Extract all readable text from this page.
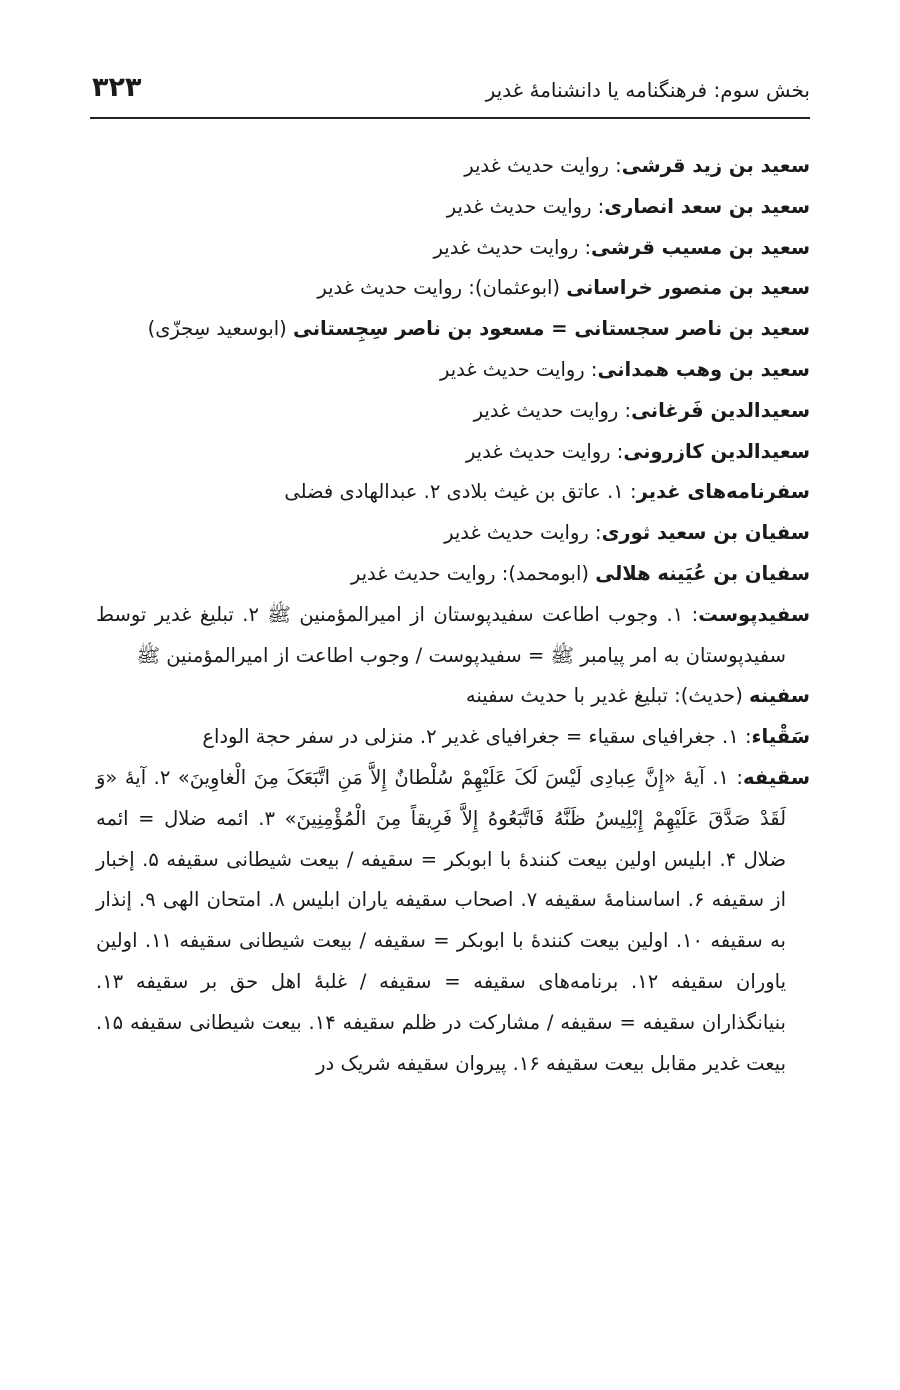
بخش سوم: فرهنگنامه یا دانشنامهٔ غدیر
۳۲۳

سعید بن زید قرشی: روایت حدیث غدیر

سعید بن سعد انصاری: روایت حدیث غدیر

سعید بن مسیب قرشی: روایت حدیث غدیر

سعید بن منصور خراسانی (ابوعثمان): روایت حدیث غدیر

سعید بن ناصر سجستانی = مسعود بن ناصر سِجِستانی (ابوسعید سِجزّی)

سعید بن وهب همدانی: روایت حدیث غدیر

سعیدالدین فَرغانی: روایت حدیث غدیر

سعیدالدین کازرونی: روایت حدیث غدیر

سفرنامه‌های غدیر: ۱. عاتق بن غیث بلادی ۲. عبدالهادی فضلی

سفیان بن سعید ثوری: روایت حدیث غدیر

سفیان بن عُیَینه هلالی (ابومحمد): روایت حدیث غدیر

سفیدپوست: ۱. وجوب اطاعت سفیدپوستان از امیرالمؤمنین ﷺ ۲. تبلیغ غدیر توسط سفیدپوستان به امر پیامبر ﷺ = سفیدپوست / وجوب اطاعت از امیرالمؤمنین ﷺ

سفینه (حدیث): تبلیغ غدیر با حدیث سفینه

سَقْیاء: ۱. جغرافیای سقیاء = جغرافیای غدیر ۲. منزلی در سفر حجة الوداع

سقیفه: ۱. آیهٔ «إِنَّ عِبادِی لَیْسَ لَکَ عَلَیْهِمْ سُلْطانٌ إِلاَّ مَنِ اتَّبَعَکَ مِنَ الْغاوِینَ» ۲. آیهٔ «وَ لَقَدْ صَدَّقَ عَلَیْهِمْ إِبْلِیسُ ظَنَّهُ فَاتَّبَعُوهُ إِلاَّ فَرِیقاً مِنَ الْمُؤْمِنِینَ» ۳. ائمه ضلال = ائمه ضلال ۴. ابلیس اولین بیعت کنندهٔ با ابوبکر = سقیفه / بیعت شیطانی سقیفه ۵. إخبار از سقیفه ۶. اساسنامهٔ سقیفه ۷. اصحاب سقیفه یاران ابلیس ۸. امتحان الهی ۹. إنذار به سقیفه ۱۰. اولین بیعت کنندهٔ با ابوبکر = سقیفه / بیعت شیطانی سقیفه ۱۱. اولین یاوران سقیفه ۱۲. برنامه‌های سقیفه = سقیفه / غلبهٔ اهل حق بر سقیفه ۱۳. بنیانگذاران سقیفه = سقیفه / مشارکت در ظلم سقیفه ۱۴. بیعت شیطانی سقیفه ۱۵. بیعت غدیر مقابل بیعت سقیفه ۱۶. پیروان سقیفه شریک در
